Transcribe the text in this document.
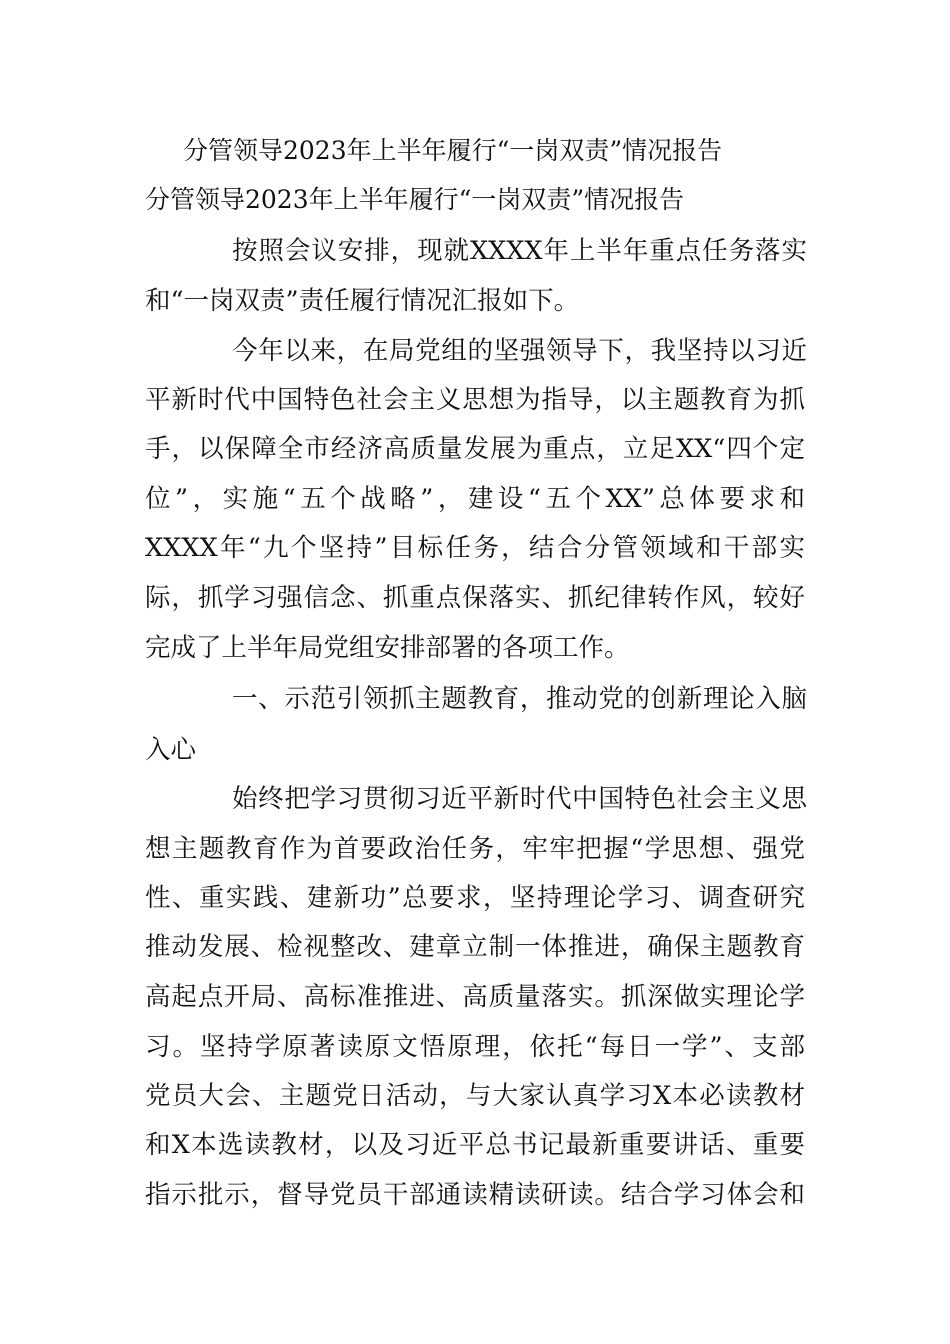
分管领导2023年上半年履行“一岗双责”情况报告
分管领导2023年上半年履行“一岗双责”情况报告
按照会议安排，现就XXXX年上半年重点任务落实
和“一岗双责”责任履行情况汇报如下。
今年以来，在局党组的坚强领导下，我坚持以习近
平新时代中国特色社会主义思想为指导，以主题教育为抓
手，以保障全市经济高质量发展为重点，立足XX“四个定
位”，实施“五个战略”，建设“五个XX”总体要求和
XXXX年“九个坚持”目标任务，结合分管领域和干部实
际，抓学习强信念、抓重点保落实、抓纪律转作风，较好
完成了上半年局党组安排部署的各项工作。
一、示范引领抓主题教育，推动党的创新理论入脑
入心
始终把学习贯彻习近平新时代中国特色社会主义思
想主题教育作为首要政治任务，牢牢把握“学思想、强党
性、重实践、建新功”总要求，坚持理论学习、调查研究
推动发展、检视整改、建章立制一体推进，确保主题教育
高起点开局、高标准推进、高质量落实。抓深做实理论学
习。坚持学原著读原文悟原理，依托“每日一学”、支部
党员大会、主题党日活动，与大家认真学习X本必读教材
和X本选读教材，以及习近平总书记最新重要讲话、重要
指示批示，督导党员干部通读精读研读。结合学习体会和
